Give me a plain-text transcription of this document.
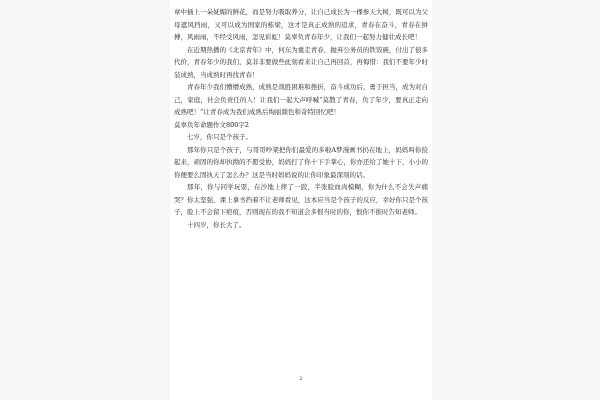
章中插上一朵妩媚的鲜花，而是努力吸取养分，让自己成长为一棵参天大树，既可以为父母遮风挡雨，又可以成为国家的栋梁，这才是真正成熟的追求，青春在奋斗，青春在拼搏，风雨雨，不经受风雨，怎见彩虹！莫辜负青春年少，让我们一起努力健壮成长吧！

在近期热播的《北京青年》中，何东为重走青春，抛弃公务员的铁饭碗，付出了很多代价，青春年少的我们，莫非非要做些此刻看来让自己再回首，再悔惜：我们不要年少时装成熟，当成熟时再找青春！

青春年少我们懵懵成熟，成熟是战胜困难和挫折，奋斗成功后，勇于担当，成为对自己，家庭，社会负责任的人！让我们一起大声呼喊“莫散了青春，负了年少，要真正走向成熟吧！”让青春成为我们成熟后绚丽颜色和奇特回忆吧！

莫辜负年命题作文800字2

七岁，你只是个孩子。

那年你只是个孩子，与哥哥吵架把你们最爱的多啦A梦漫画书扔在地上，妈妈叫你捡起来，顽固的你却执拗的不愿受协，妈妈打了你十下手掌心，你亦还给了她十下，小小的你便要么固执天了怎么办？这是当时妈妈说的让你印象最深刻的话。

那年，你与同学玩耍，在沙地上摔了一跤，半张脸血肉模糊，你为什么不会失声痛哭？你太坚强，课上拿书挡着不让老师看见，这本应当是个孩子的反应，幸好你只是个孩子，脸上不会留下疤痕，否则现在的我不知道会多恨当时的你，恨你不推时告知老师。

十四岁，你长大了。

2
